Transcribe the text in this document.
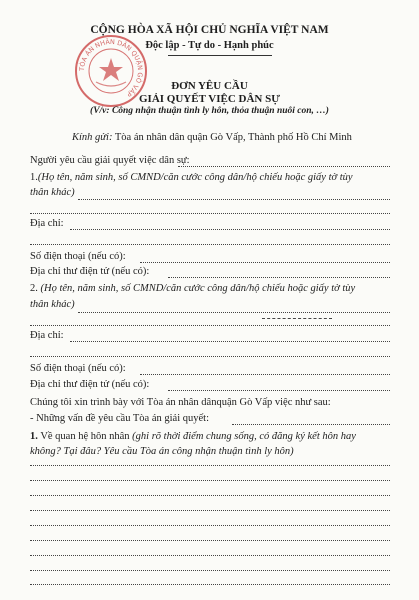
TÒA ÁN NHÂN DÂN QUẬN GÒ VẤP
CỘNG HÒA XÃ HỘI CHỦ NGHĨA VIỆT NAM
Độc lập - Tự do - Hạnh phúc
ĐƠN YÊU CẦU
GIẢI QUYẾT VIỆC DÂN SỰ
(V/v: Công nhận thuận tình ly hôn, thỏa thuận nuôi con, …)
Kính gửi: Tòa án nhân dân quận Gò Vấp, Thành phố Hồ Chí Minh
Người yêu cầu giải quyết việc dân sự:
1.(Họ tên, năm sinh, số CMND/căn cước công dân/hộ chiếu hoặc giấy tờ tùy
thân khác)
Địa chỉ:
Số điện thoại (nếu có):
Địa chỉ thư điện tử (nếu có):
2. (Họ tên, năm sinh, số CMND/căn cước công dân/hộ chiếu hoặc giấy tờ tùy
thân khác)
Địa chỉ:
Số điện thoại (nếu có):
Địa chỉ thư điện tử (nếu có):
Chúng tôi xin trình bày với Tòa án nhân dânquận Gò Vấp việc như sau:
- Những vấn đề yêu cầu Tòa án giải quyết:
1. Về quan hệ hôn nhân (ghi rõ thời điểm chung sống, có đăng ký kết hôn hay
không? Tại đâu? Yêu cầu Tòa án công nhận thuận tình ly hôn)
